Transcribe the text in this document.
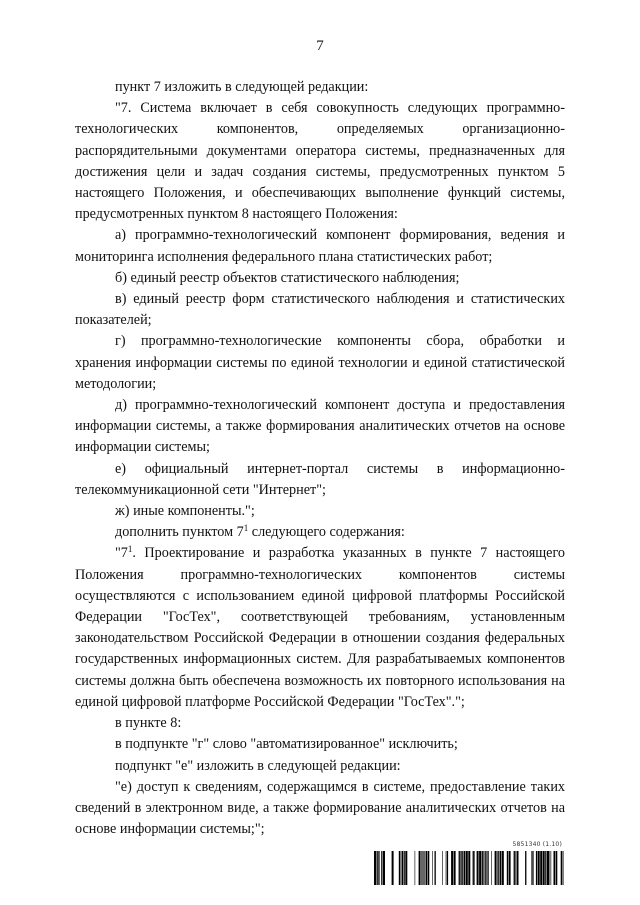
7

пункт 7 изложить в следующей редакции:

"7. Система включает в себя совокупность следующих программно-технологических компонентов, определяемых организационно-распорядительными документами оператора системы, предназначенных для достижения цели и задач создания системы, предусмотренных пунктом 5 настоящего Положения, и обеспечивающих выполнение функций системы, предусмотренных пунктом 8 настоящего Положения:

а) программно-технологический компонент формирования, ведения и мониторинга исполнения федерального плана статистических работ;

б) единый реестр объектов статистического наблюдения;

в) единый реестр форм статистического наблюдения и статистических показателей;

г) программно-технологические компоненты сбора, обработки и хранения информации системы по единой технологии и единой статистической методологии;

д) программно-технологический компонент доступа и предоставления информации системы, а также формирования аналитических отчетов на основе информации системы;

е) официальный интернет-портал системы в информационно-телекоммуникационной сети "Интернет";

ж) иные компоненты.";

дополнить пунктом $7^1$ следующего содержания:

"$7^1$. Проектирование и разработка указанных в пункте 7 настоящего Положения программно-технологических компонентов системы осуществляются с использованием единой цифровой платформы Российской Федерации "ГосТех", соответствующей требованиям, установленным законодательством Российской Федерации в отношении создания федеральных государственных информационных систем. Для разрабатываемых компонентов системы должна быть обеспечена возможность их повторного использования на единой цифровой платформе Российской Федерации "ГосТех".";

в пункте 8:

в подпункте "г" слово "автоматизированное" исключить;

подпункт "е" изложить в следующей редакции:

"е) доступ к сведениям, содержащимся в системе, предоставление таких сведений в электронном виде, а также формирование аналитических отчетов на основе информации системы;";

5851340 (1.10)
